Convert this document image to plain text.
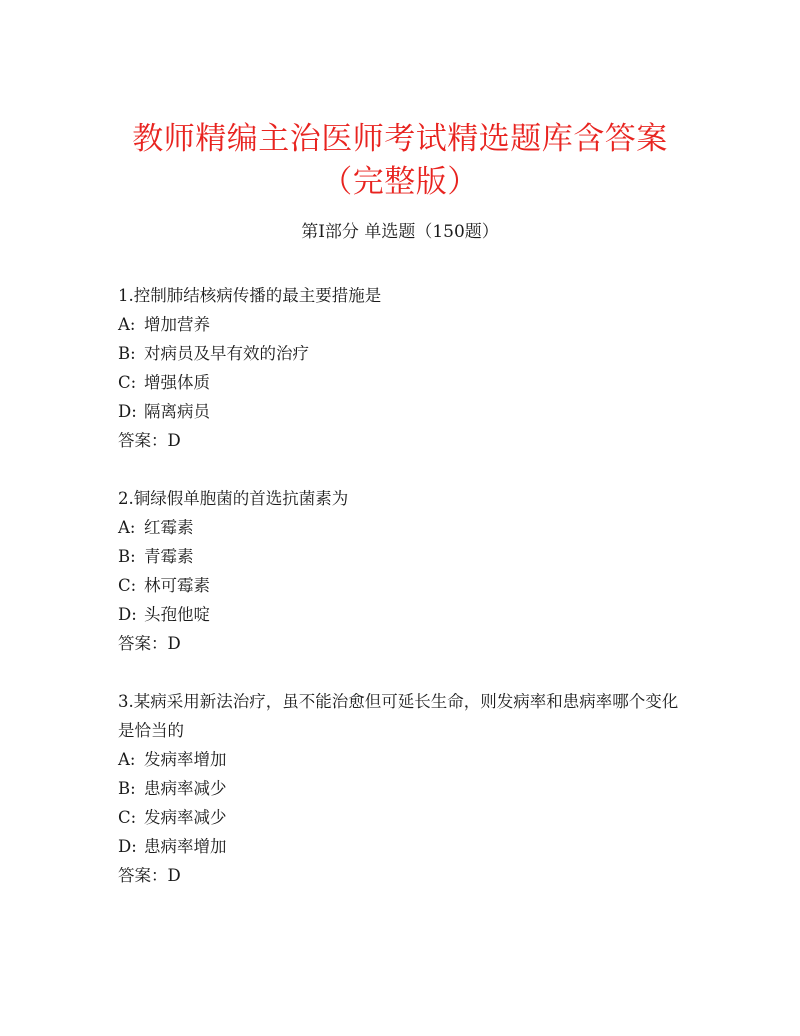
教师精编主治医师考试精选题库含答案（完整版）
第I部分 单选题（150题）
1.控制肺结核病传播的最主要措施是
A: 增加营养
B: 对病员及早有效的治疗
C: 增强体质
D: 隔离病员
答案：D
2.铜绿假单胞菌的首选抗菌素为
A: 红霉素
B: 青霉素
C: 林可霉素
D: 头孢他啶
答案：D
3.某病采用新法治疗，虽不能治愈但可延长生命，则发病率和患病率哪个变化是恰当的
A: 发病率增加
B: 患病率减少
C: 发病率减少
D: 患病率增加
答案：D
